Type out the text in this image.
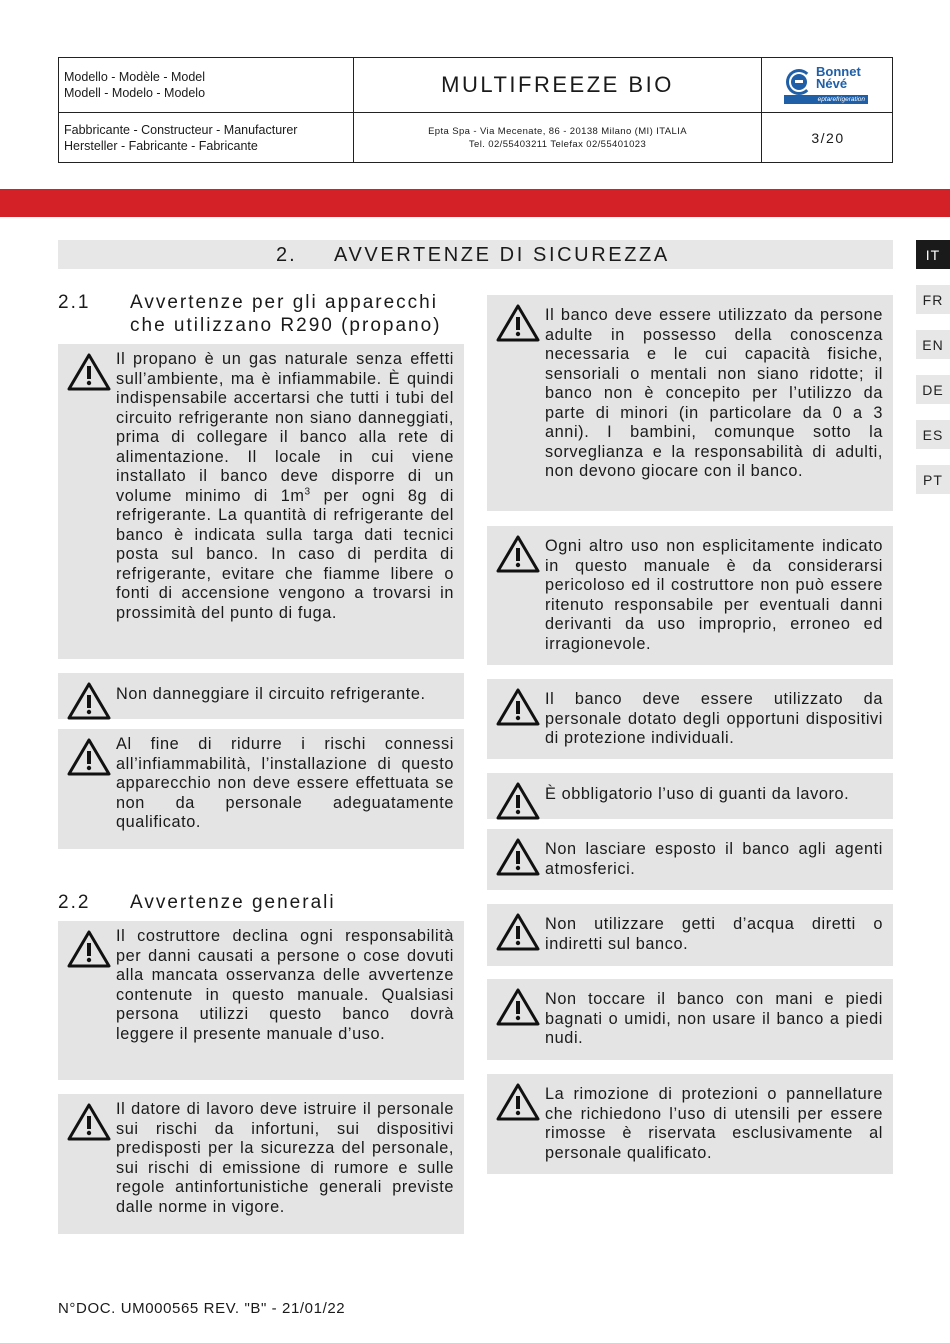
Modello - Modèle - Model
Modell - Modelo - Modelo	MULTIFREEZE BIO
Bonnet
Névé
eptarefrigeration
Fabbricante - Constructeur - Manufacturer
Hersteller - Fabricante - Fabricante
Epta Spa - Via Mecenate, 86 - 20138 Milano (MI) ITALIA
Tel. 02/55403211 Telefax 02/55401023	3/20
2. AVVERTENZE DI SICUREZZA	IT
FR
EN
DE
ES
PT
2.1 Avvertenze per gli apparecchi che utilizzano R290 (propano)
Il propano è un gas naturale senza effetti sull’ambiente, ma è infiammabile. È quindi indispensabile accertarsi che tutti i tubi del circuito refrigerante non siano danneggiati, prima di collegare il banco alla rete di alimentazione. Il locale in cui viene installato il banco deve disporre di un volume minimo di $1m^3$ per ogni 8g di refrigerante. La quantità di refrigerante del banco è indicata sulla targa dati tecnici posta sul banco. In caso di perdita di refrigerante, evitare che fiamme libere o fonti di accensione vengono a trovarsi in prossimità del punto di fuga.
Non danneggiare il circuito refrigerante.
Al fine di ridurre i rischi connessi all’infiammabilità, l’installazione di questo apparecchio non deve essere effettuata se non da personale adeguatamente qualificato.
2.2 Avvertenze generali
Il costruttore declina ogni responsabilità per danni causati a persone o cose dovuti alla mancata osservanza delle avvertenze contenute in questo manuale. Qualsiasi persona utilizzi questo banco dovrà leggere il presente manuale d’uso.
Il datore di lavoro deve istruire il personale sui rischi da infortuni, sui dispositivi predisposti per la sicurezza del personale, sui rischi di emissione di rumore e sulle regole antinfortunistiche generali previste dalle norme in vigore.
Il banco deve essere utilizzato da persone adulte in possesso della conoscenza necessaria e le cui capacità fisiche, sensoriali o mentali non siano ridotte; il banco non è concepito per l’utilizzo da parte di minori (in particolare da 0 a 3 anni). I bambini, comunque sotto la sorveglianza e la responsabilità di adulti, non devono giocare con il banco.
Ogni altro uso non esplicitamente indicato in questo manuale è da considerarsi pericoloso ed il costruttore non può essere ritenuto responsabile per eventuali danni derivanti da uso improprio, erroneo ed irragionevole.
Il banco deve essere utilizzato da personale dotato degli opportuni dispositivi di protezione individuali.
È obbligatorio l’uso di guanti da lavoro.
Non lasciare esposto il banco agli agenti atmosferici.
Non utilizzare getti d’acqua diretti o indiretti sul banco.
Non toccare il banco con mani e piedi bagnati o umidi, non usare il banco a piedi nudi.
La rimozione di protezioni o pannellature che richiedono l’uso di utensili per essere rimosse è riservata esclusivamente al personale qualificato.
N°DOC. UM000565 REV. "B" - 21/01/22
